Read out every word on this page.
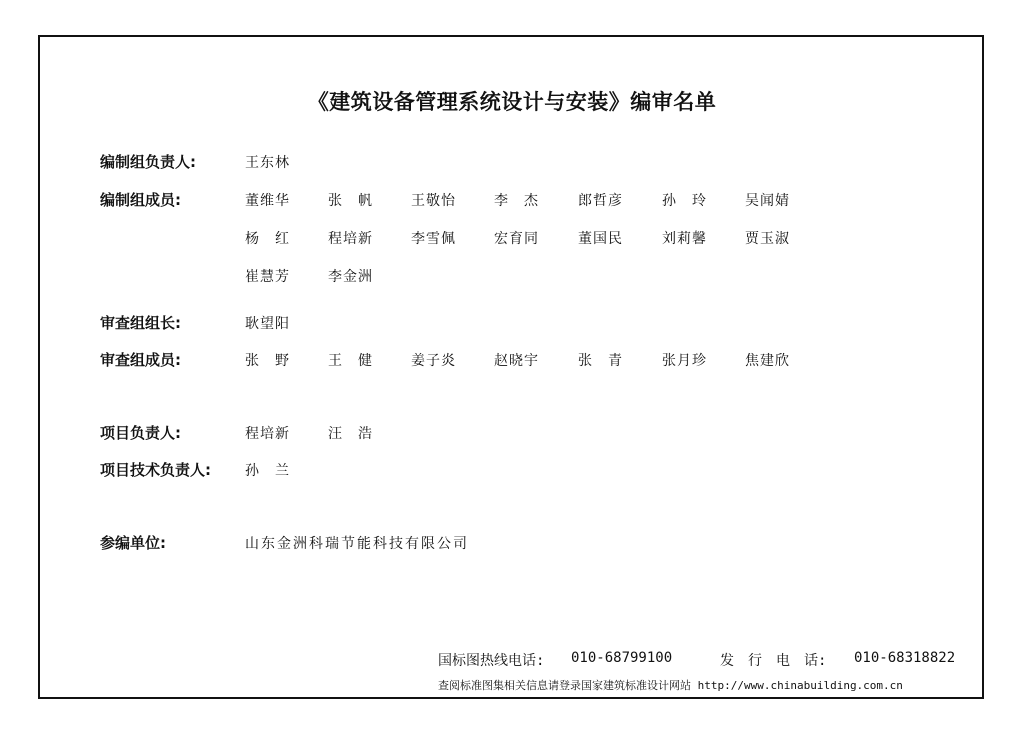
《建筑设备管理系统设计与安装》编审名单
编制组负责人:	王东林
编制组成员:	董维华	张　帆	王敬怡	李　杰	郎哲彦	孙　玲	吴闻婧
杨　红	程培新	李雪佩	宏育同	董国民	刘莉馨	贾玉淑
崔慧芳	李金洲
审查组组长:	耿望阳
审查组成员:	张　野	王　健	姜子炎	赵晓宇	张　青	张月珍	焦建欣
项目负责人:	程培新	汪　浩
项目技术负责人: 孙　兰
参编单位:	山东金洲科瑞节能科技有限公司
国标图热线电话: 010-68799100	发　行　电　话: 010-68318822
查阅标准图集相关信息请登录国家建筑标准设计网站 http://www.chinabuilding.com.cn
